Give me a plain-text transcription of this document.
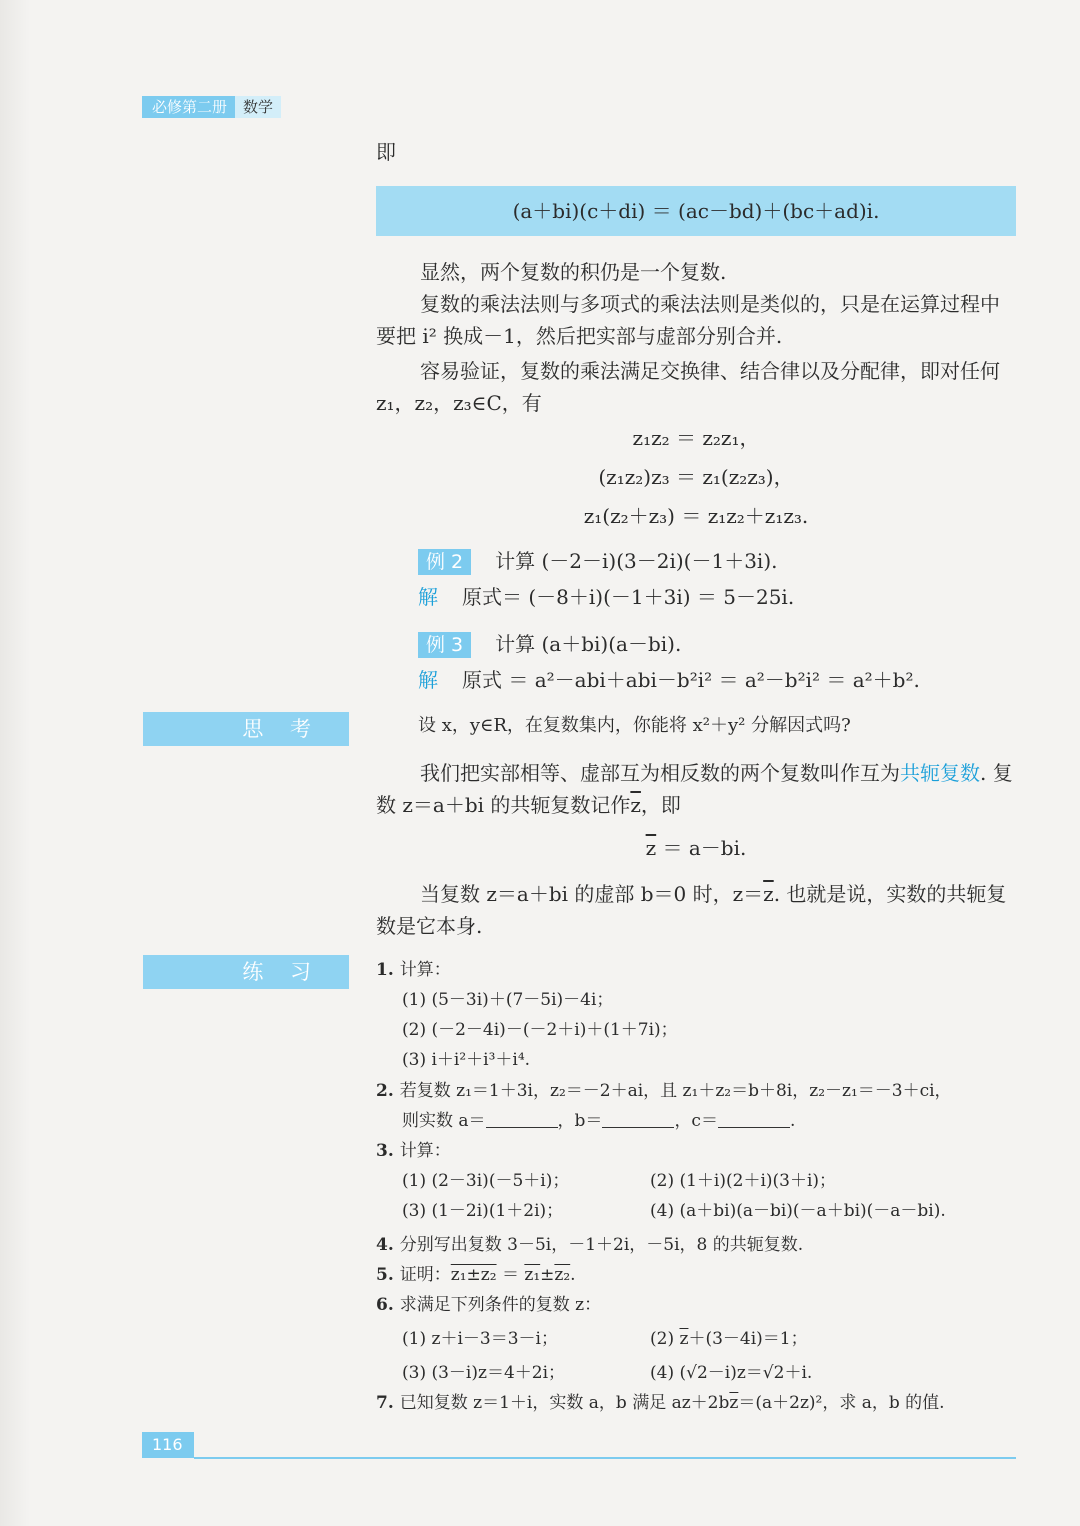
必修第二册	数学
即
(a＋bi)(c＋di) ＝ (ac－bd)＋(bc＋ad)i.
显然，两个复数的积仍是一个复数.
复数的乘法法则与多项式的乘法法则是类似的，只是在运算过程中要把 i² 换成－1，然后把实部与虚部分别合并.
容易验证，复数的乘法满足交换律、结合律以及分配律，即对任何 z₁，z₂，z₃∈C，有
z₁z₂ ＝ z₂z₁，
(z₁z₂)z₃ ＝ z₁(z₂z₃)，
z₁(z₂＋z₃) ＝ z₁z₂＋z₁z₃.
例 2 计算 (－2－i)(3－2i)(－1＋3i).
解 原式＝ (－8＋i)(－1＋3i) ＝ 5－25i.
例 3 计算 (a＋bi)(a－bi).
解 原式 ＝ a²－abi＋abi－b²i² ＝ a²－b²i² ＝ a²＋b².
思 考	设 x，y∈R，在复数集内，你能将 x²＋y² 分解因式吗?
我们把实部相等、虚部互为相反数的两个复数叫作互为共轭复数. 复数 z＝a＋bi 的共轭复数记作$\overline{z}$，即
$\overline{z} = a-bi$.
当复数 z＝a＋bi 的虚部 b＝0 时，$z=\overline{z}$. 也就是说，实数的共轭复数是它本身.
练 习	1. 计算：
(1) (5－3i)＋(7－5i)－4i；
(2) (－2－4i)－(－2＋i)＋(1＋7i)；
(3) i＋i²＋i³＋i⁴.
2. 若复数 z₁＝1＋3i，z₂＝－2＋ai，且 z₁＋z₂＝b＋8i，z₂－z₁＝－3＋ci，
则实数 a＝	，b＝	，c＝	.
3. 计算：
(1) (2－3i)(－5＋i)；	(2) (1＋i)(2＋i)(3＋i)；
(3) (1－2i)(1＋2i)；	(4) (a＋bi)(a－bi)(－a＋bi)(－a－bi).
4. 分别写出复数 3－5i，－1＋2i，－5i，8 的共轭复数.
5. 证明：z₁±z₂ ＝ z₁±z₂.
6. 求满足下列条件的复数 z：
(1) z＋i－3＝3－i；	(2) $\overline{z}+(3-4i)=1$；
(3) (3－i)z＝4＋2i；	(4) (√2－i)z＝√2＋i.
7. 已知复数 z＝1＋i，实数 a，b 满足 $az+2b\overline{z}=(a+2z)^2$，求 a，b 的值.
116
